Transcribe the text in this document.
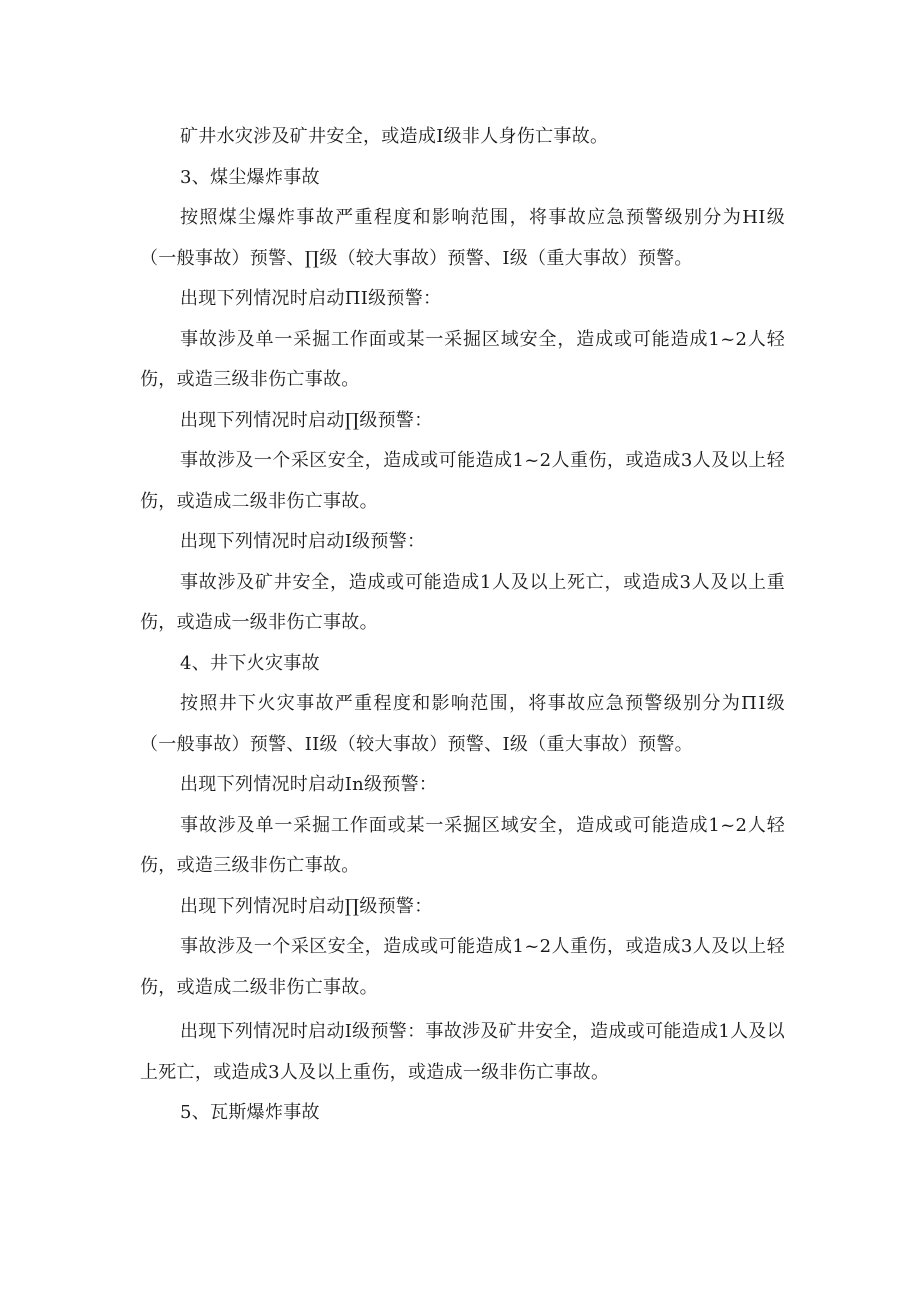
矿井水灾涉及矿井安全，或造成Ⅰ级非人身伤亡事故。

3、煤尘爆炸事故

按照煤尘爆炸事故严重程度和影响范围，将事故应急预警级别分为HI级（一般事故）预警、∏级（较大事故）预警、Ⅰ级（重大事故）预警。

出现下列情况时启动ΠⅠ级预警：

事故涉及单一采掘工作面或某一采掘区域安全，造成或可能造成1~2人轻伤，或造三级非伤亡事故。

出现下列情况时启动∏级预警：

事故涉及一个采区安全，造成或可能造成1~2人重伤，或造成3人及以上轻伤，或造成二级非伤亡事故。

出现下列情况时启动Ⅰ级预警：

事故涉及矿井安全，造成或可能造成1人及以上死亡，或造成3人及以上重伤，或造成一级非伤亡事故。

4、井下火灾事故

按照井下火灾事故严重程度和影响范围，将事故应急预警级别分为ΠⅠ级（一般事故）预警、II级（较大事故）预警、Ⅰ级（重大事故）预警。

出现下列情况时启动In级预警：

事故涉及单一采掘工作面或某一采掘区域安全，造成或可能造成1~2人轻伤，或造三级非伤亡事故。

出现下列情况时启动∏级预警：

事故涉及一个采区安全，造成或可能造成1~2人重伤，或造成3人及以上轻伤，或造成二级非伤亡事故。

出现下列情况时启动Ⅰ级预警：事故涉及矿井安全，造成或可能造成1人及以上死亡，或造成3人及以上重伤，或造成一级非伤亡事故。

5、瓦斯爆炸事故
